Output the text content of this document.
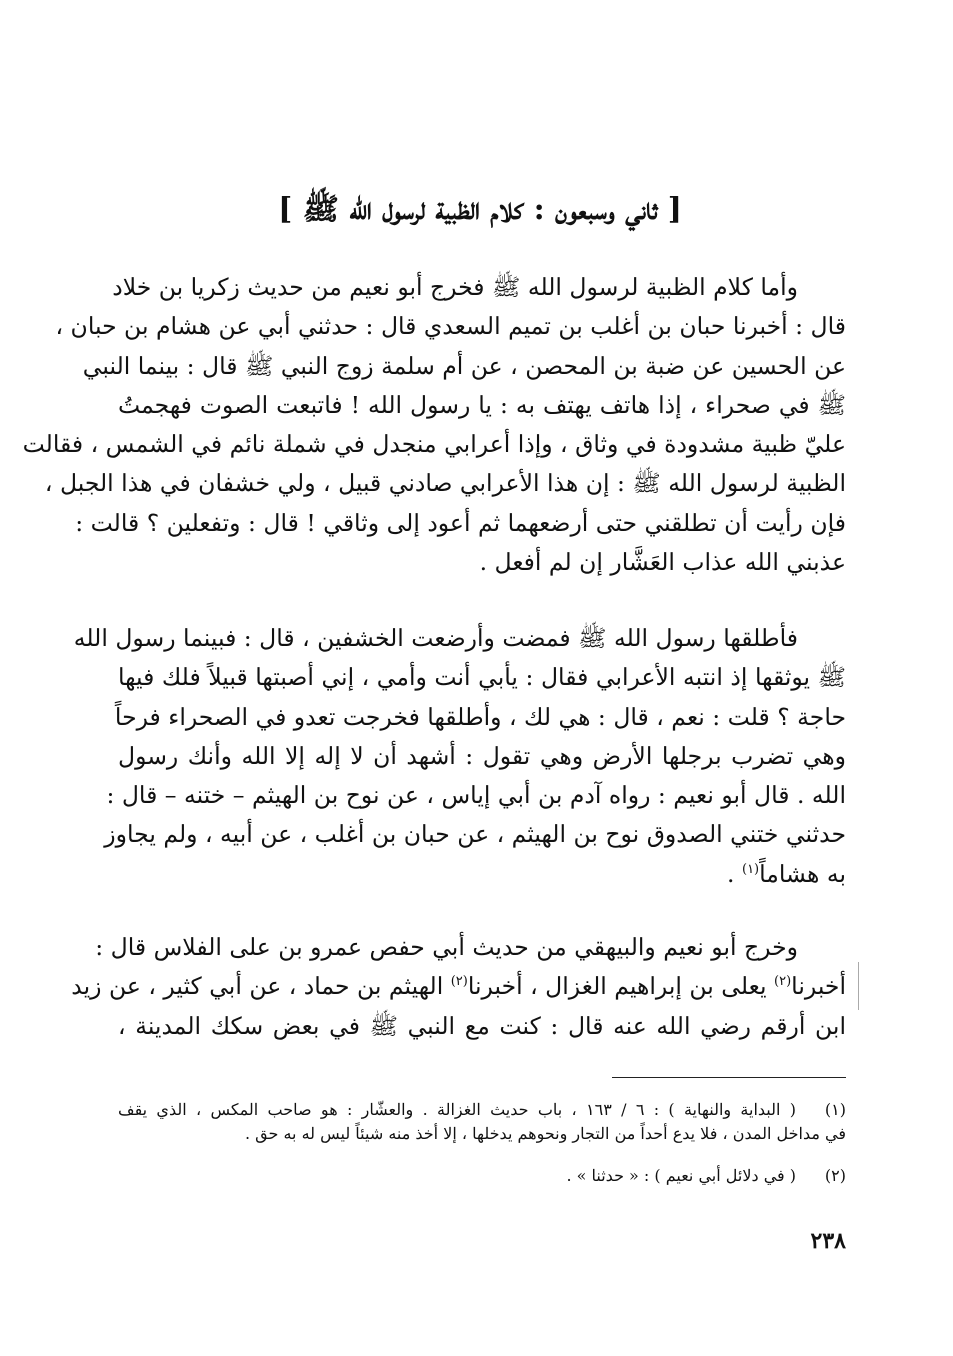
[ ثاني وسبعون : كلام الظبية لرسول الله ﷺ ]
وأما كلام الظبية لرسول الله ﷺ فخرج أبو نعيم من حديث زكريا بن خلاد
قال : أخبرنا حبان بن أغلب بن تميم السعدي قال : حدثني أبي عن هشام بن حبان ،
عن الحسين عن ضبة بن المحصن ، عن أم سلمة زوج النبي ﷺ قال : بينما النبي
ﷺ في صحراء ، إذا هاتف يهتف به : يا رسول الله ! فاتبعت الصوت فهجمتُ
عليّ ظبية مشدودة في وثاق ، وإذا أعرابي منجدل في شملة نائم في الشمس ، فقالت
الظبية لرسول الله ﷺ : إن هذا الأعرابي صادني قبيل ، ولي خشفان في هذا الجبل ،
فإن رأيت أن تطلقني حتى أرضعهما ثم أعود إلى وثاقي ! قال : وتفعلين ؟ قالت :
عذبني الله عذاب العَشَّار إن لم أفعل .
فأطلقها رسول الله ﷺ فمضت وأرضعت الخشفين ، قال : فبينما رسول الله
ﷺ يوثقها إذ انتبه الأعرابي فقال : يأبي أنت وأمي ، إني أصبتها قبيلاً فلك فيها
حاجة ؟ قلت : نعم ، قال : هي لك ، وأطلقها فخرجت تعدو في الصحراء فرحاً
وهي تضرب برجلها الأرض وهي تقول : أشهد أن لا إله إلا الله وأنك رسول
الله . قال أبو نعيم : رواه آدم بن أبي إياس ، عن نوح بن الهيثم – ختنه – قال :
حدثني ختني الصدوق نوح بن الهيثم ، عن حبان بن أغلب ، عن أبيه ، ولم يجاوز
به هشاماً$^{(١)}$ .
وخرج أبو نعيم والبيهقي من حديث أبي حفص عمرو بن على الفلاس قال :
أخبرنا$^{(٢)}$ يعلى بن إبراهيم الغزال ، أخبرنا$^{(٢)}$ الهيثم بن حماد ، عن أبي كثير ، عن زيد
ابن أرقم رضي الله عنه قال : كنت مع النبي ﷺ في بعض سكك المدينة ،
(١)( البداية والنهاية ) : ٦ / ١٦٣ ، باب حديث الغزالة . والعشّار : هو صاحب المكس ، الذي يقف
في مداخل المدن ، فلا يدع أحداً من التجار ونحوهم يدخلها ، إلا أخذ منه شيئاً ليس له به حق .
(٢)( في دلائل أبي نعيم ) : « حدثنا » .
٢٣٨
